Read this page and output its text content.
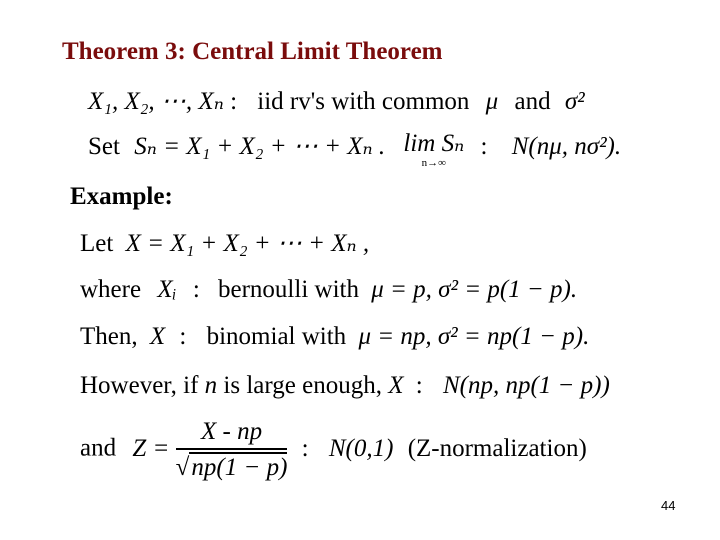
Theorem 3: Central Limit Theorem
X₁, X₂, ⋯, Xₙ : iid rv's with common μ and σ²
Set Sₙ = X₁ + X₂ + ⋯ + Xₙ . lim Sₙ
n→∞
: N(nμ, nσ²).
Example:
Let X = X₁ + X₂ + ⋯ + Xₙ ,
where Xᵢ : bernoulli with μ = p, σ² = p(1 − p).
Then, X : binomial with μ = np, σ² = np(1 − p).
However, if n is large enough, X : N(np, np(1 − p))
and $Z = \frac{X - np}{√np(1 - p)}$ : N(0,1) (Z-normalization)
44
